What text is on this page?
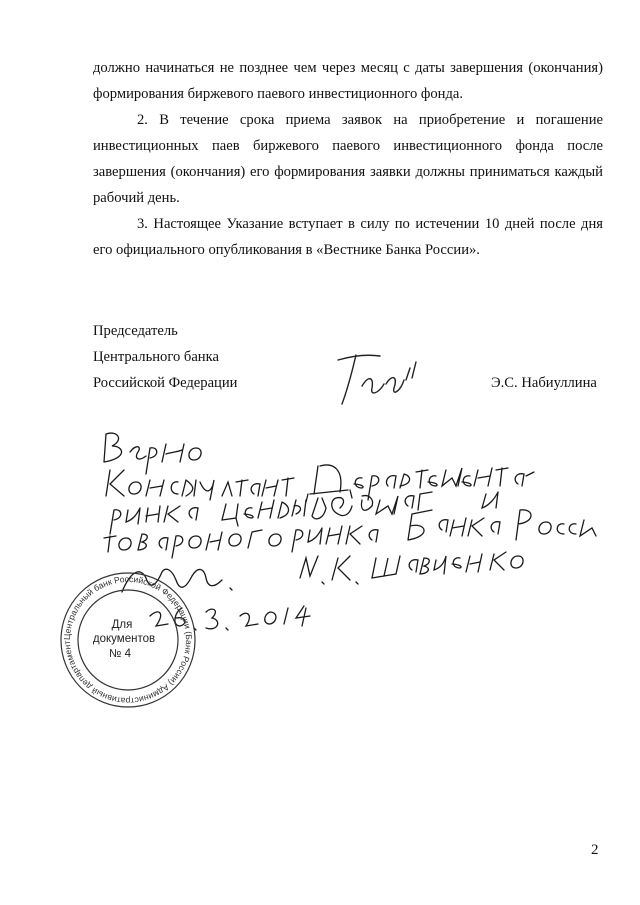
должно начинаться не позднее чем через месяц с даты завершения (окончания) формирования биржевого паевого инвестиционного фонда.

2. В течение срока приема заявок на приобретение и погашение инвестиционных паев биржевого паевого инвестиционного фонда после завершения (окончания) его формирования заявки должны приниматься каждый рабочий день.

3. Настоящее Указание вступает в силу по истечении 10 дней после дня его официального опубликования в «Вестнике Банка России».

Председатель
Центрального банка
Российской Федерации	Э.С. Набиуллина
Центральный банк Российской Федерации (Банк России) Административный департамент
Для
документов
№ 4
2
